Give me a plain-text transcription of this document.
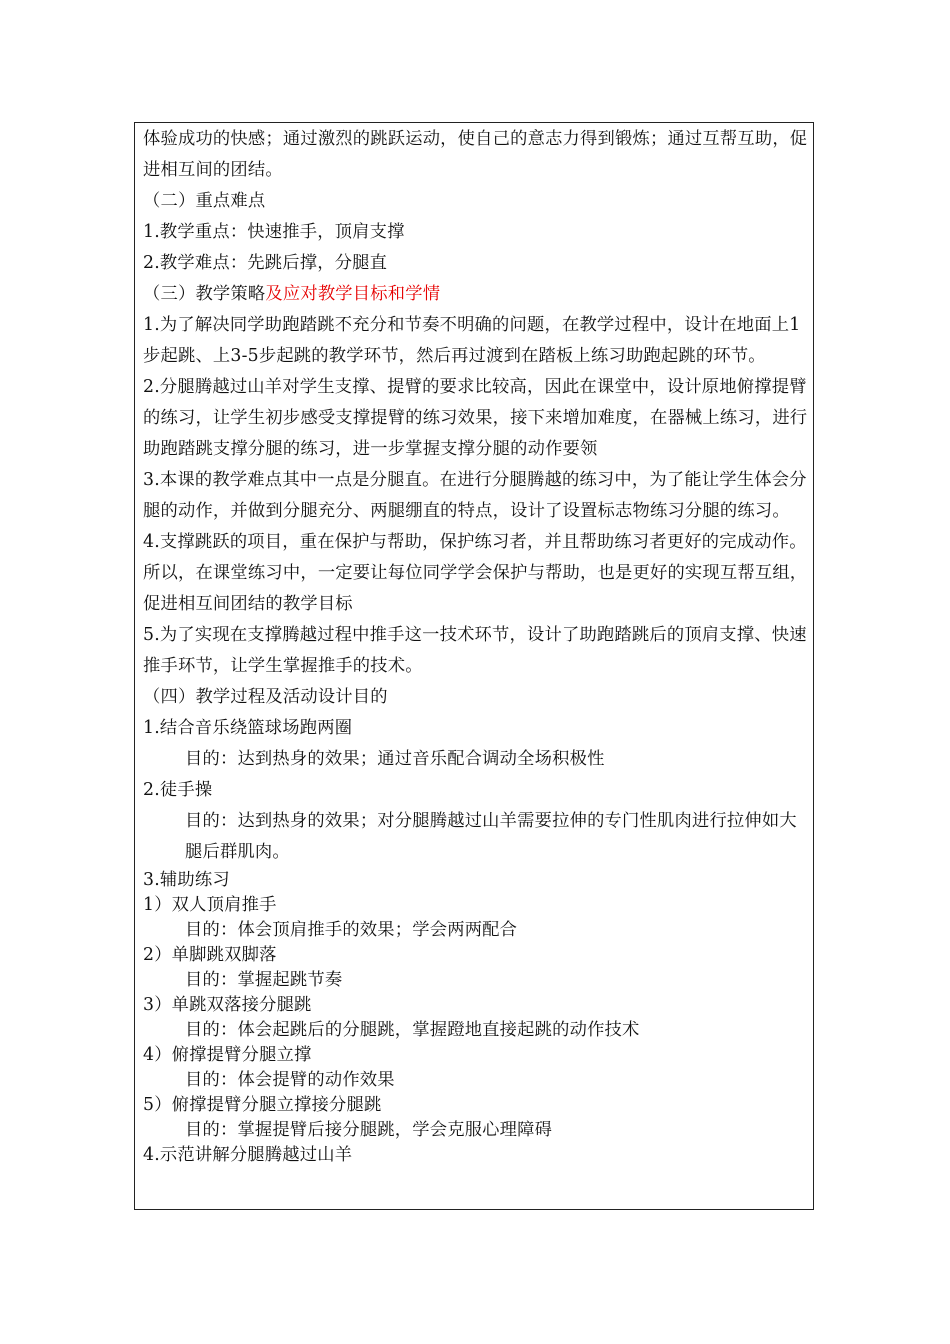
体验成功的快感；通过激烈的跳跃运动，使自己的意志力得到锻炼；通过互帮互助，促进相互间的团结。

（二）重点难点

1.教学重点：快速推手，顶肩支撑

2.教学难点：先跳后撑，分腿直

（三）教学策略及应对教学目标和学情

1.为了解决同学助跑踏跳不充分和节奏不明确的问题，在教学过程中，设计在地面上1步起跳、上3-5步起跳的教学环节，然后再过渡到在踏板上练习助跑起跳的环节。

2.分腿腾越过山羊对学生支撑、提臂的要求比较高，因此在课堂中，设计原地俯撑提臂的练习，让学生初步感受支撑提臂的练习效果，接下来增加难度，在器械上练习，进行助跑踏跳支撑分腿的练习，进一步掌握支撑分腿的动作要领

3.本课的教学难点其中一点是分腿直。在进行分腿腾越的练习中，为了能让学生体会分腿的动作，并做到分腿充分、两腿绷直的特点，设计了设置标志物练习分腿的练习。

4.支撑跳跃的项目，重在保护与帮助，保护练习者，并且帮助练习者更好的完成动作。所以，在课堂练习中，一定要让每位同学学会保护与帮助，也是更好的实现互帮互组，促进相互间团结的教学目标

5.为了实现在支撑腾越过程中推手这一技术环节，设计了助跑踏跳后的顶肩支撑、快速推手环节，让学生掌握推手的技术。

（四）教学过程及活动设计目的

1.结合音乐绕篮球场跑两圈

目的：达到热身的效果；通过音乐配合调动全场积极性

2.徒手操

目的：达到热身的效果；对分腿腾越过山羊需要拉伸的专门性肌肉进行拉伸如大腿后群肌肉。

3.辅助练习

1）双人顶肩推手

目的：体会顶肩推手的效果；学会两两配合

2）单脚跳双脚落

目的：掌握起跳节奏

3）单跳双落接分腿跳

目的：体会起跳后的分腿跳，掌握蹬地直接起跳的动作技术

4）俯撑提臂分腿立撑

目的：体会提臂的动作效果

5）俯撑提臂分腿立撑接分腿跳

目的：掌握提臂后接分腿跳，学会克服心理障碍

4.示范讲解分腿腾越过山羊
